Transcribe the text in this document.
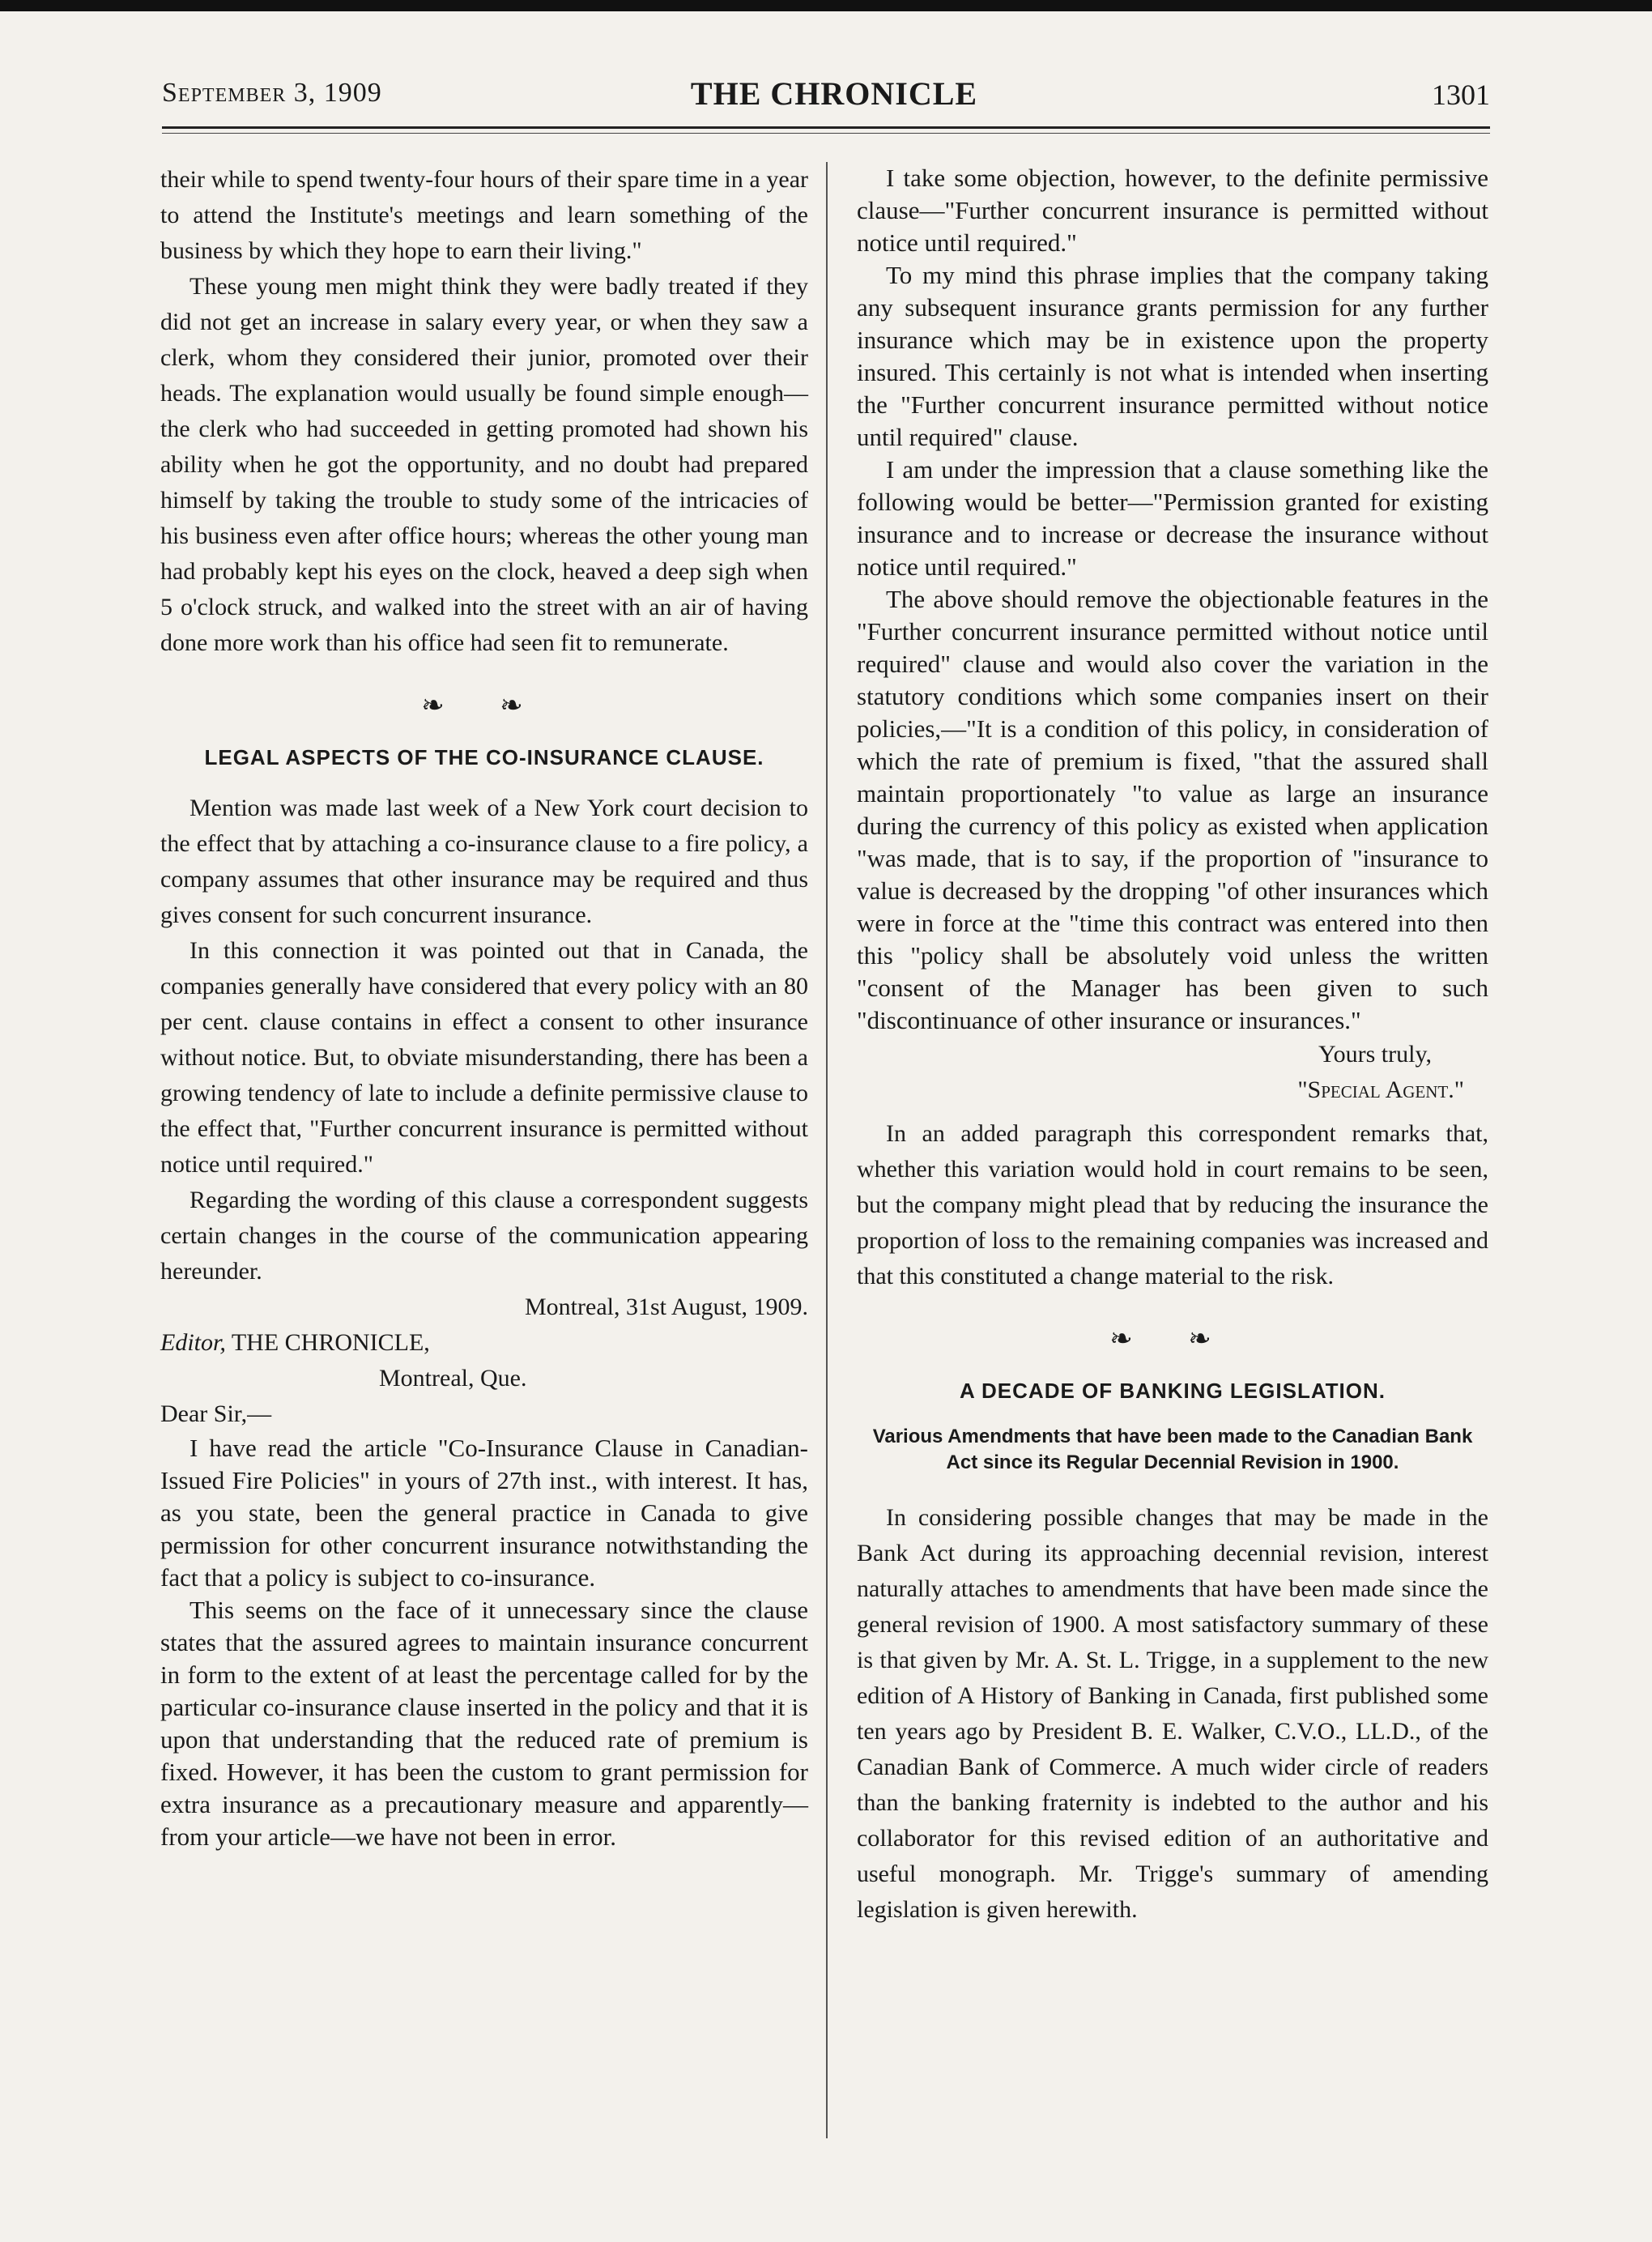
September 3, 1909	THE CHRONICLE	1301

their while to spend twenty-four hours of their spare time in a year to attend the Institute's meetings and learn something of the business by which they hope to earn their living."

These young men might think they were badly treated if they did not get an increase in salary every year, or when they saw a clerk, whom they considered their junior, promoted over their heads. The explanation would usually be found simple enough—the clerk who had succeeded in getting promoted had shown his ability when he got the opportunity, and no doubt had prepared himself by taking the trouble to study some of the intricacies of his business even after office hours; whereas the other young man had probably kept his eyes on the clock, heaved a deep sigh when 5 o'clock struck, and walked into the street with an air of having done more work than his office had seen fit to remunerate.

❧ ❧
LEGAL ASPECTS OF THE CO-INSURANCE CLAUSE.

Mention was made last week of a New York court decision to the effect that by attaching a co-insurance clause to a fire policy, a company assumes that other insurance may be required and thus gives consent for such concurrent insurance.

In this connection it was pointed out that in Canada, the companies generally have considered that every policy with an 80 per cent. clause contains in effect a consent to other insurance without notice. But, to obviate misunderstanding, there has been a growing tendency of late to include a definite permissive clause to the effect that, "Further concurrent insurance is permitted without notice until required."

Regarding the wording of this clause a correspondent suggests certain changes in the course of the communication appearing hereunder.

Montreal, 31st August, 1909.

Editor, THE CHRONICLE,

Montreal, Que.

Dear Sir,—

I have read the article "Co-Insurance Clause in Canadian-Issued Fire Policies" in yours of 27th inst., with interest. It has, as you state, been the general practice in Canada to give permission for other concurrent insurance notwithstanding the fact that a policy is subject to co-insurance.

This seems on the face of it unnecessary since the clause states that the assured agrees to maintain insurance concurrent in form to the extent of at least the percentage called for by the particular co-insurance clause inserted in the policy and that it is upon that understanding that the reduced rate of premium is fixed. However, it has been the custom to grant permission for extra insurance as a precautionary measure and apparently—from your article—we have not been in error.

I take some objection, however, to the definite permissive clause—"Further concurrent insurance is permitted without notice until required."

To my mind this phrase implies that the company taking any subsequent insurance grants permission for any further insurance which may be in existence upon the property insured. This certainly is not what is intended when inserting the "Further concurrent insurance permitted without notice until required" clause.

I am under the impression that a clause something like the following would be better—"Permission granted for existing insurance and to increase or decrease the insurance without notice until required."

The above should remove the objectionable features in the "Further concurrent insurance permitted without notice until required" clause and would also cover the variation in the statutory conditions which some companies insert on their policies,—"It is a condition of this policy, in consideration of which the rate of premium is fixed, "that the assured shall maintain proportionately "to value as large an insurance during the currency of this policy as existed when application "was made, that is to say, if the proportion of "insurance to value is decreased by the dropping "of other insurances which were in force at the "time this contract was entered into then this "policy shall be absolutely void unless the written "consent of the Manager has been given to such "discontinuance of other insurance or insurances."

Yours truly,

"Special Agent."

In an added paragraph this correspondent remarks that, whether this variation would hold in court remains to be seen, but the company might plead that by reducing the insurance the proportion of loss to the remaining companies was increased and that this constituted a change material to the risk.

❧ ❧
A DECADE OF BANKING LEGISLATION.
Various Amendments that have been made to the Canadian Bank Act since its Regular Decennial Revision in 1900.

In considering possible changes that may be made in the Bank Act during its approaching decennial revision, interest naturally attaches to amendments that have been made since the general revision of 1900. A most satisfactory summary of these is that given by Mr. A. St. L. Trigge, in a supplement to the new edition of A History of Banking in Canada, first published some ten years ago by President B. E. Walker, C.V.O., LL.D., of the Canadian Bank of Commerce. A much wider circle of readers than the banking fraternity is indebted to the author and his collaborator for this revised edition of an authoritative and useful monograph. Mr. Trigge's summary of amending legislation is given herewith.
